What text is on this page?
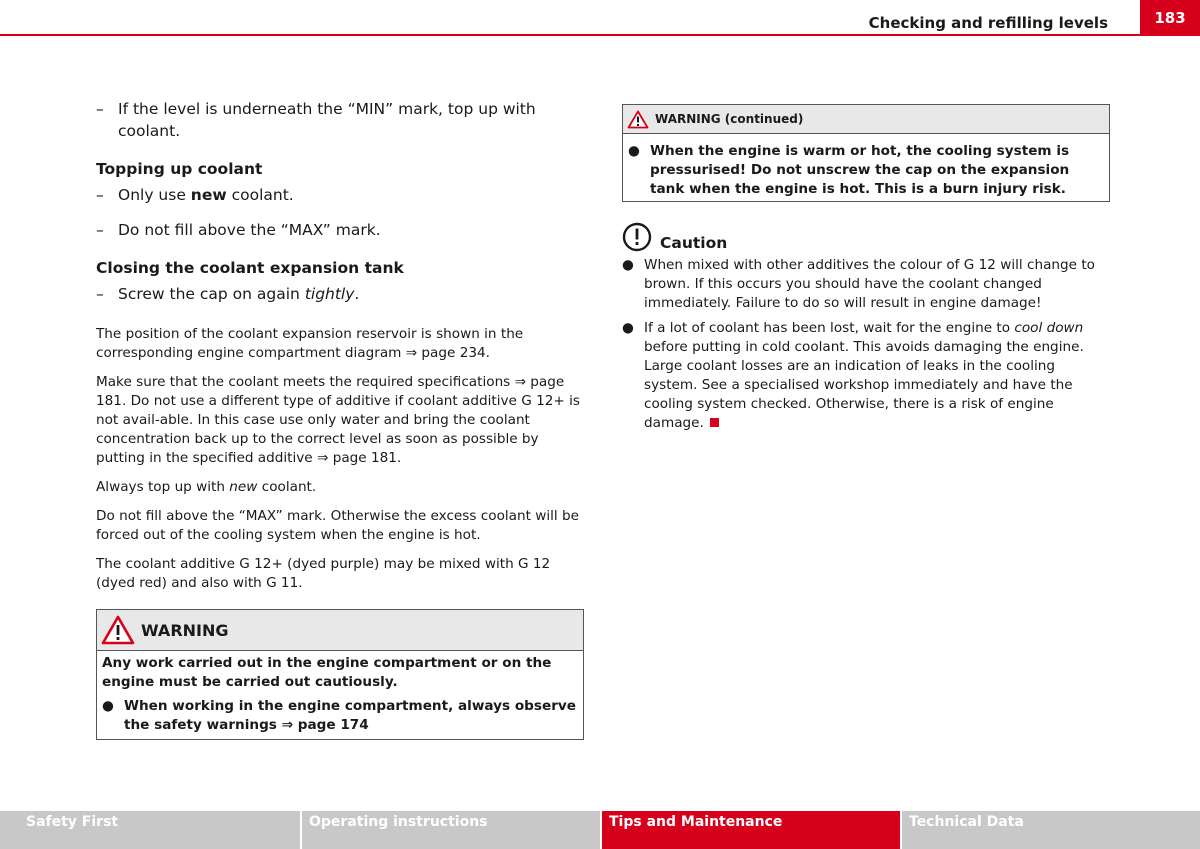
Checking and refilling levels	183
– If the level is underneath the “MIN” mark, top up with coolant.
Topping up coolant
– Only use new coolant.
– Do not fill above the “MAX” mark.
Closing the coolant expansion tank
– Screw the cap on again tightly.

The position of the coolant expansion reservoir is shown in the corresponding engine compartment diagram ⇒ page 234.

Make sure that the coolant meets the required specifications ⇒ page 181. Do not use a different type of additive if coolant additive G 12+ is not avail-able. In this case use only water and bring the coolant concentration back up to the correct level as soon as possible by putting in the specified additive ⇒ page 181.

Always top up with new coolant.

Do not fill above the “MAX” mark. Otherwise the excess coolant will be forced out of the cooling system when the engine is hot.

The coolant additive G 12+ (dyed purple) may be mixed with G 12 (dyed red) and also with G 11.

WARNING
Any work carried out in the engine compartment or on the engine must be carried out cautiously.
● When working in the engine compartment, always observe the safety warnings ⇒ page 174
WARNING (continued)
● When the engine is warm or hot, the cooling system is pressurised! Do not unscrew the cap on the expansion tank when the engine is hot. This is a burn injury risk.
Caution
● When mixed with other additives the colour of G 12 will change to brown. If this occurs you should have the coolant changed immediately. Failure to do so will result in engine damage!
● If a lot of coolant has been lost, wait for the engine to cool down before putting in cold coolant. This avoids damaging the engine. Large coolant losses are an indication of leaks in the cooling system. See a specialised workshop immediately and have the cooling system checked. Otherwise, there is a risk of engine damage.
Safety First	Operating instructions	Tips and Maintenance	Technical Data
